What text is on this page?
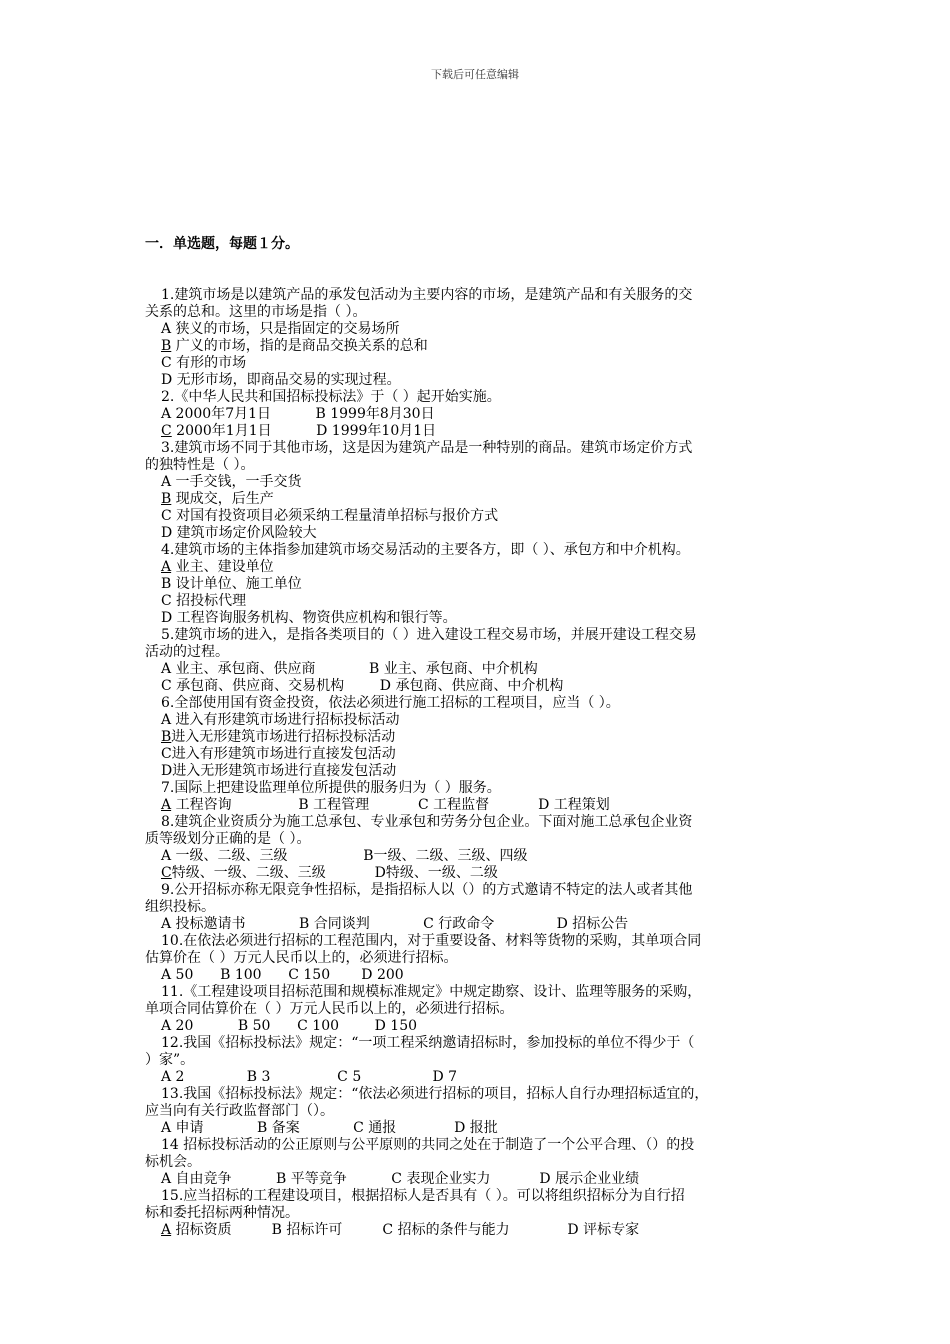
下载后可任意编辑

一．单选题，每题１分。

1.建筑市场是以建筑产品的承发包活动为主要内容的市场，是建筑产品和有关服务的交
关系的总和。这里的市场是指（ ）。
A 狭义的市场，只是指固定的交易场所
B 广义的市场，指的是商品交换关系的总和
C 有形的市场
D 无形市场，即商品交易的实现过程。
2.《中华人民共和国招标投标法》于（ ）起开始实施。
A 2000年7月1日          B 1999年8月30日
C 2000年1月1日          D 1999年10月1日
3.建筑市场不同于其他市场，这是因为建筑产品是一种特别的商品。建筑市场定价方式
的独特性是（ ）。
A 一手交钱，一手交货
B 现成交，后生产
C 对国有投资项目必须采纳工程量清单招标与报价方式
D 建筑市场定价风险较大
4.建筑市场的主体指参加建筑市场交易活动的主要各方，即（ ）、承包方和中介机构。
A 业主、建设单位
B 设计单位、施工单位
C 招投标代理
D 工程咨询服务机构、物资供应机构和银行等。
5.建筑市场的进入，是指各类项目的（ ）进入建设工程交易市场，并展开建设工程交易
活动的过程。
A 业主、承包商、供应商            B 业主、承包商、中介机构
C 承包商、供应商、交易机构        D 承包商、供应商、中介机构
6.全部使用国有资金投资，依法必须进行施工招标的工程项目，应当（ ）。
A 进入有形建筑市场进行招标投标活动
B进入无形建筑市场进行招标投标活动
C进入有形建筑市场进行直接发包活动
D进入无形建筑市场进行直接发包活动
7.国际上把建设监理单位所提供的服务归为（ ）服务。
A 工程咨询               B 工程管理           C 工程监督           D 工程策划
8.建筑企业资质分为施工总承包、专业承包和劳务分包企业。下面对施工总承包企业资
质等级划分正确的是（ ）。
A 一级、二级、三级                 B一级、二级、三级、四级
C特级、一级、二级、三级           D特级、一级、二级
9.公开招标亦称无限竞争性招标，是指招标人以（）的方式邀请不特定的法人或者其他
组织投标。
A 投标邀请书            B 合同谈判            C 行政命令              D 招标公告
10.在依法必须进行招标的工程范围内，对于重要设备、材料等货物的采购，其单项合同
估算价在（ ）万元人民币以上的，必须进行招标。
A 50      B 100      C 150       D 200
11.《工程建设项目招标范围和规模标准规定》中规定勘察、设计、监理等服务的采购，
单项合同估算价在（ ）万元人民币以上的，必须进行招标。
A 20          B 50      C 100        D 150
12.我国《招标投标法》规定：“一项工程采纳邀请招标时，参加投标的单位不得少于（
）家”。
A 2              B 3               C 5                D 7
13.我国《招标投标法》规定：“依法必须进行招标的项目，招标人自行办理招标适宜的，
应当向有关行政监督部门（）。
A 申请            B 备案            C 通报             D 报批
14 招标投标活动的公正原则与公平原则的共同之处在于制造了一个公平合理、（）的投
标机会。
A 自由竞争          B 平等竞争          C 表现企业实力           D 展示企业业绩
15.应当招标的工程建设项目，根据招标人是否具有（ ）。可以将组织招标分为自行招
标和委托招标两种情况。
A 招标资质         B 招标许可         C 招标的条件与能力             D 评标专家
